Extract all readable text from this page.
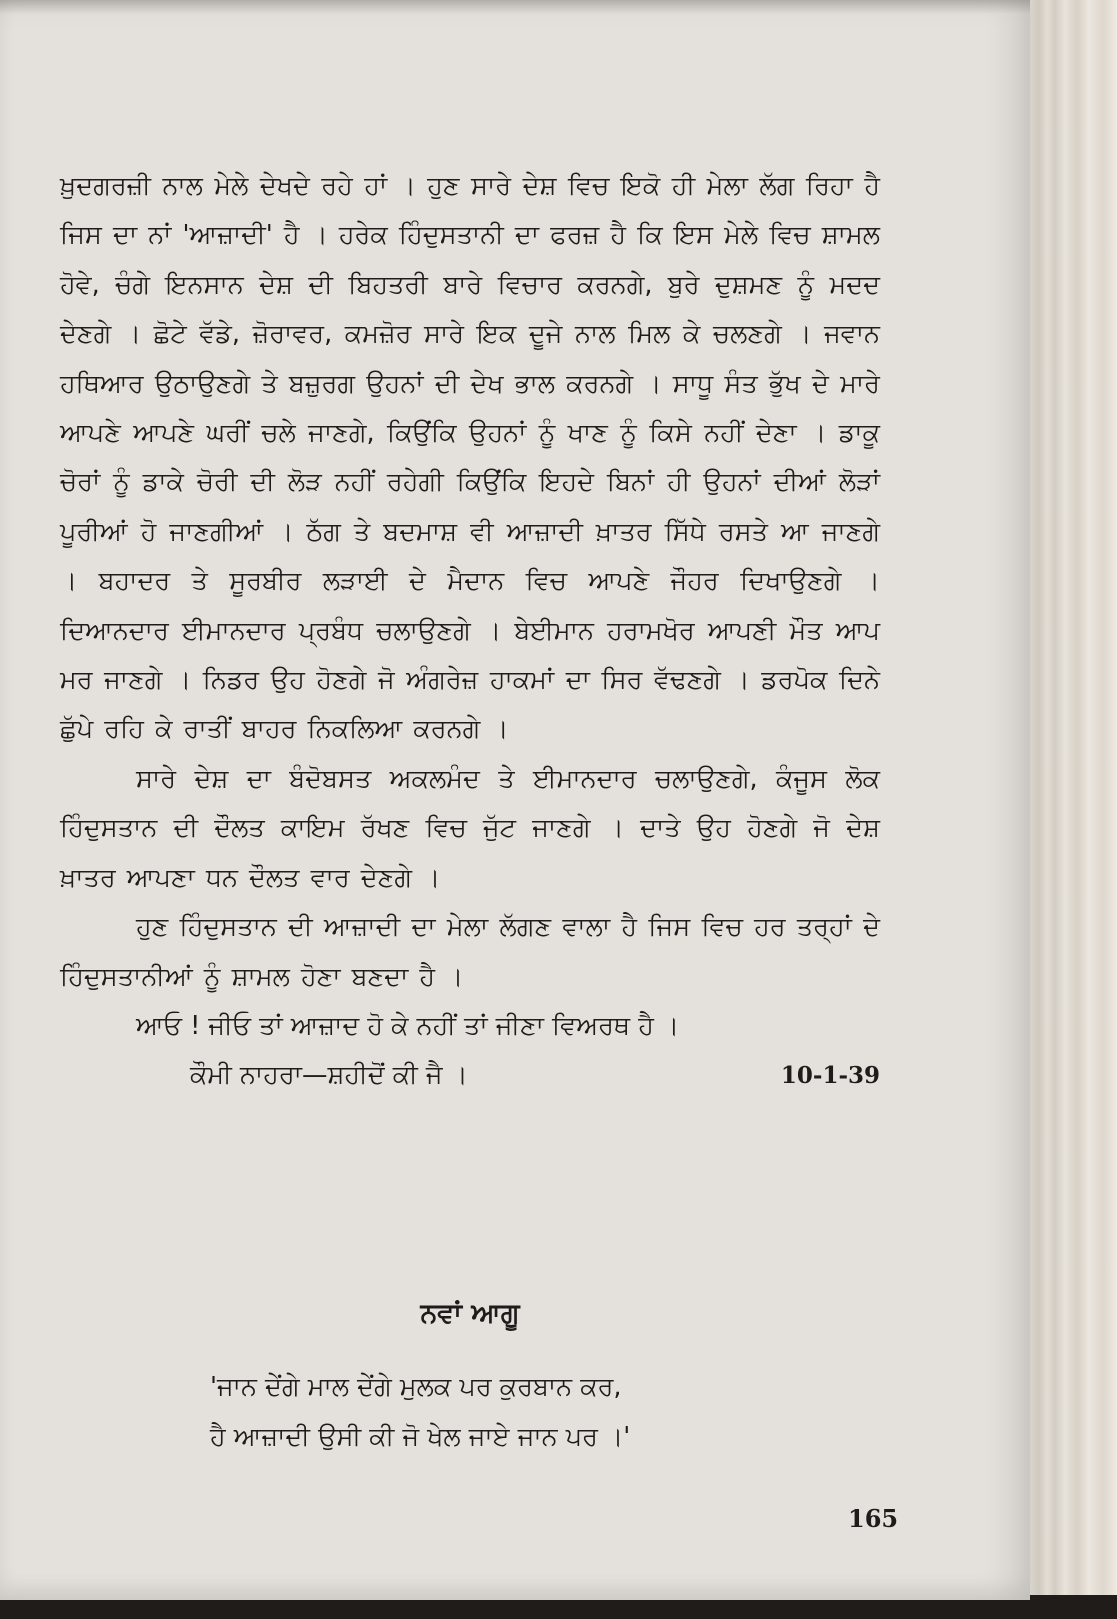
ਖ਼ੁਦਗਰਜ਼ੀ ਨਾਲ ਮੇਲੇ ਦੇਖਦੇ ਰਹੇ ਹਾਂ । ਹੁਣ ਸਾਰੇ ਦੇਸ਼ ਵਿਚ ਇਕੋ ਹੀ ਮੇਲਾ ਲੱਗ ਰਿਹਾ ਹੈ ਜਿਸ ਦਾ ਨਾਂ 'ਆਜ਼ਾਦੀ' ਹੈ । ਹਰੇਕ ਹਿੰਦੁਸਤਾਨੀ ਦਾ ਫਰਜ਼ ਹੈ ਕਿ ਇਸ ਮੇਲੇ ਵਿਚ ਸ਼ਾਮਲ ਹੋਵੇ, ਚੰਗੇ ਇਨਸਾਨ ਦੇਸ਼ ਦੀ ਬਿਹਤਰੀ ਬਾਰੇ ਵਿਚਾਰ ਕਰਨਗੇ, ਬੁਰੇ ਦੁਸ਼ਮਣ ਨੂੰ ਮਦਦ ਦੇਣਗੇ । ਛੋਟੇ ਵੱਡੇ, ਜ਼ੋਰਾਵਰ, ਕਮਜ਼ੋਰ ਸਾਰੇ ਇਕ ਦੂਜੇ ਨਾਲ ਮਿਲ ਕੇ ਚਲਣਗੇ । ਜਵਾਨ ਹਥਿਆਰ ਉਠਾਉਣਗੇ ਤੇ ਬਜ਼ੁਰਗ ਉਹਨਾਂ ਦੀ ਦੇਖ ਭਾਲ ਕਰਨਗੇ । ਸਾਧੂ ਸੰਤ ਭੁੱਖ ਦੇ ਮਾਰੇ ਆਪਣੇ ਆਪਣੇ ਘਰੀਂ ਚਲੇ ਜਾਣਗੇ, ਕਿਉਂਕਿ ਉਹਨਾਂ ਨੂੰ ਖਾਣ ਨੂੰ ਕਿਸੇ ਨਹੀਂ ਦੇਣਾ । ਡਾਕੂ ਚੋਰਾਂ ਨੂੰ ਡਾਕੇ ਚੋਰੀ ਦੀ ਲੋੜ ਨਹੀਂ ਰਹੇਗੀ ਕਿਉਂਕਿ ਇਹਦੇ ਬਿਨਾਂ ਹੀ ਉਹਨਾਂ ਦੀਆਂ ਲੋੜਾਂ ਪੂਰੀਆਂ ਹੋ ਜਾਣਗੀਆਂ । ਠੱਗ ਤੇ ਬਦਮਾਸ਼ ਵੀ ਆਜ਼ਾਦੀ ਖ਼ਾਤਰ ਸਿੱਧੇ ਰਸਤੇ ਆ ਜਾਣਗੇ । ਬਹਾਦਰ ਤੇ ਸੂਰਬੀਰ ਲੜਾਈ ਦੇ ਮੈਦਾਨ ਵਿਚ ਆਪਣੇ ਜੌਹਰ ਦਿਖਾਉਣਗੇ । ਦਿਆਨਦਾਰ ਈਮਾਨਦਾਰ ਪ੍ਰਬੰਧ ਚਲਾਉਣਗੇ । ਬੇਈਮਾਨ ਹਰਾਮਖੋਰ ਆਪਣੀ ਮੌਤ ਆਪ ਮਰ ਜਾਣਗੇ । ਨਿਡਰ ਉਹ ਹੋਣਗੇ ਜੋ ਅੰਗਰੇਜ਼ ਹਾਕਮਾਂ ਦਾ ਸਿਰ ਵੱਢਣਗੇ । ਡਰਪੋਕ ਦਿਨੇ ਛੁੱਪੇ ਰਹਿ ਕੇ ਰਾਤੀਂ ਬਾਹਰ ਨਿਕਲਿਆ ਕਰਨਗੇ ।

ਸਾਰੇ ਦੇਸ਼ ਦਾ ਬੰਦੋਬਸਤ ਅਕਲਮੰਦ ਤੇ ਈਮਾਨਦਾਰ ਚਲਾਉਣਗੇ, ਕੰਜੂਸ ਲੋਕ ਹਿੰਦੁਸਤਾਨ ਦੀ ਦੌਲਤ ਕਾਇਮ ਰੱਖਣ ਵਿਚ ਜੁੱਟ ਜਾਣਗੇ । ਦਾਤੇ ਉਹ ਹੋਣਗੇ ਜੋ ਦੇਸ਼ ਖ਼ਾਤਰ ਆਪਣਾ ਧਨ ਦੌਲਤ ਵਾਰ ਦੇਣਗੇ ।

ਹੁਣ ਹਿੰਦੁਸਤਾਨ ਦੀ ਆਜ਼ਾਦੀ ਦਾ ਮੇਲਾ ਲੱਗਣ ਵਾਲਾ ਹੈ ਜਿਸ ਵਿਚ ਹਰ ਤਰ੍ਹਾਂ ਦੇ ਹਿੰਦੁਸਤਾਨੀਆਂ ਨੂੰ ਸ਼ਾਮਲ ਹੋਣਾ ਬਣਦਾ ਹੈ ।

ਆਓ ! ਜੀਓ ਤਾਂ ਆਜ਼ਾਦ ਹੋ ਕੇ ਨਹੀਂ ਤਾਂ ਜੀਣਾ ਵਿਅਰਥ ਹੈ ।

ਕੌਮੀ ਨਾਹਰਾ—ਸ਼ਹੀਦੋਂ ਕੀ ਜੈ ।	10-1-39
ਨਵਾਂ ਆਗੂ
'ਜਾਨ ਦੇਂਗੇ ਮਾਲ ਦੇਂਗੇ ਮੁਲਕ ਪਰ ਕੁਰਬਾਨ ਕਰ,
ਹੈ ਆਜ਼ਾਦੀ ਉਸੀ ਕੀ ਜੋ ਖੇਲ ਜਾਏ ਜਾਨ ਪਰ ।'
165
